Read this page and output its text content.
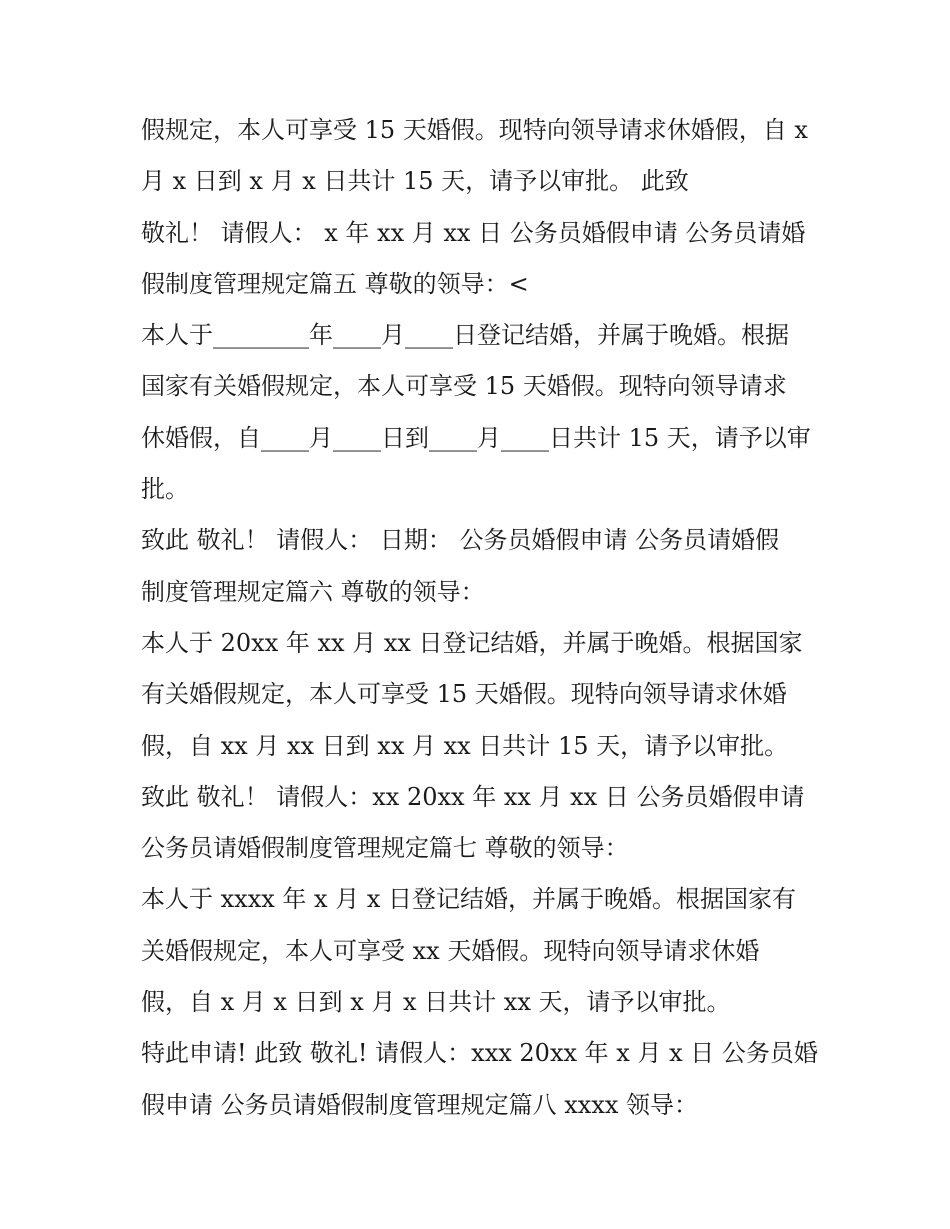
假规定，本人可享受 15 天婚假。现特向领导请求休婚假，自 x
月 x 日到 x 月 x 日共计 15 天，请予以审批。 此致
敬礼！ 请假人： x 年 xx 月 xx 日 公务员婚假申请 公务员请婚
假制度管理规定篇五 尊敬的领导：<
本人于________年____月____日登记结婚，并属于晚婚。根据
国家有关婚假规定，本人可享受 15 天婚假。现特向领导请求
休婚假，自____月____日到____月____日共计 15 天，请予以审
批。
致此 敬礼！ 请假人： 日期： 公务员婚假申请 公务员请婚假
制度管理规定篇六 尊敬的领导：
本人于 20xx 年 xx 月 xx 日登记结婚，并属于晚婚。根据国家
有关婚假规定，本人可享受 15 天婚假。现特向领导请求休婚
假，自 xx 月 xx 日到 xx 月 xx 日共计 15 天，请予以审批。
致此 敬礼！ 请假人：xx 20xx 年 xx 月 xx 日 公务员婚假申请
公务员请婚假制度管理规定篇七 尊敬的领导：
本人于 xxxx 年 x 月 x 日登记结婚，并属于晚婚。根据国家有
关婚假规定，本人可享受 xx 天婚假。现特向领导请求休婚
假，自 x 月 x 日到 x 月 x 日共计 xx 天，请予以审批。
特此申请! 此致 敬礼! 请假人：xxx 20xx 年 x 月 x 日 公务员婚
假申请 公务员请婚假制度管理规定篇八 xxxx 领导：
